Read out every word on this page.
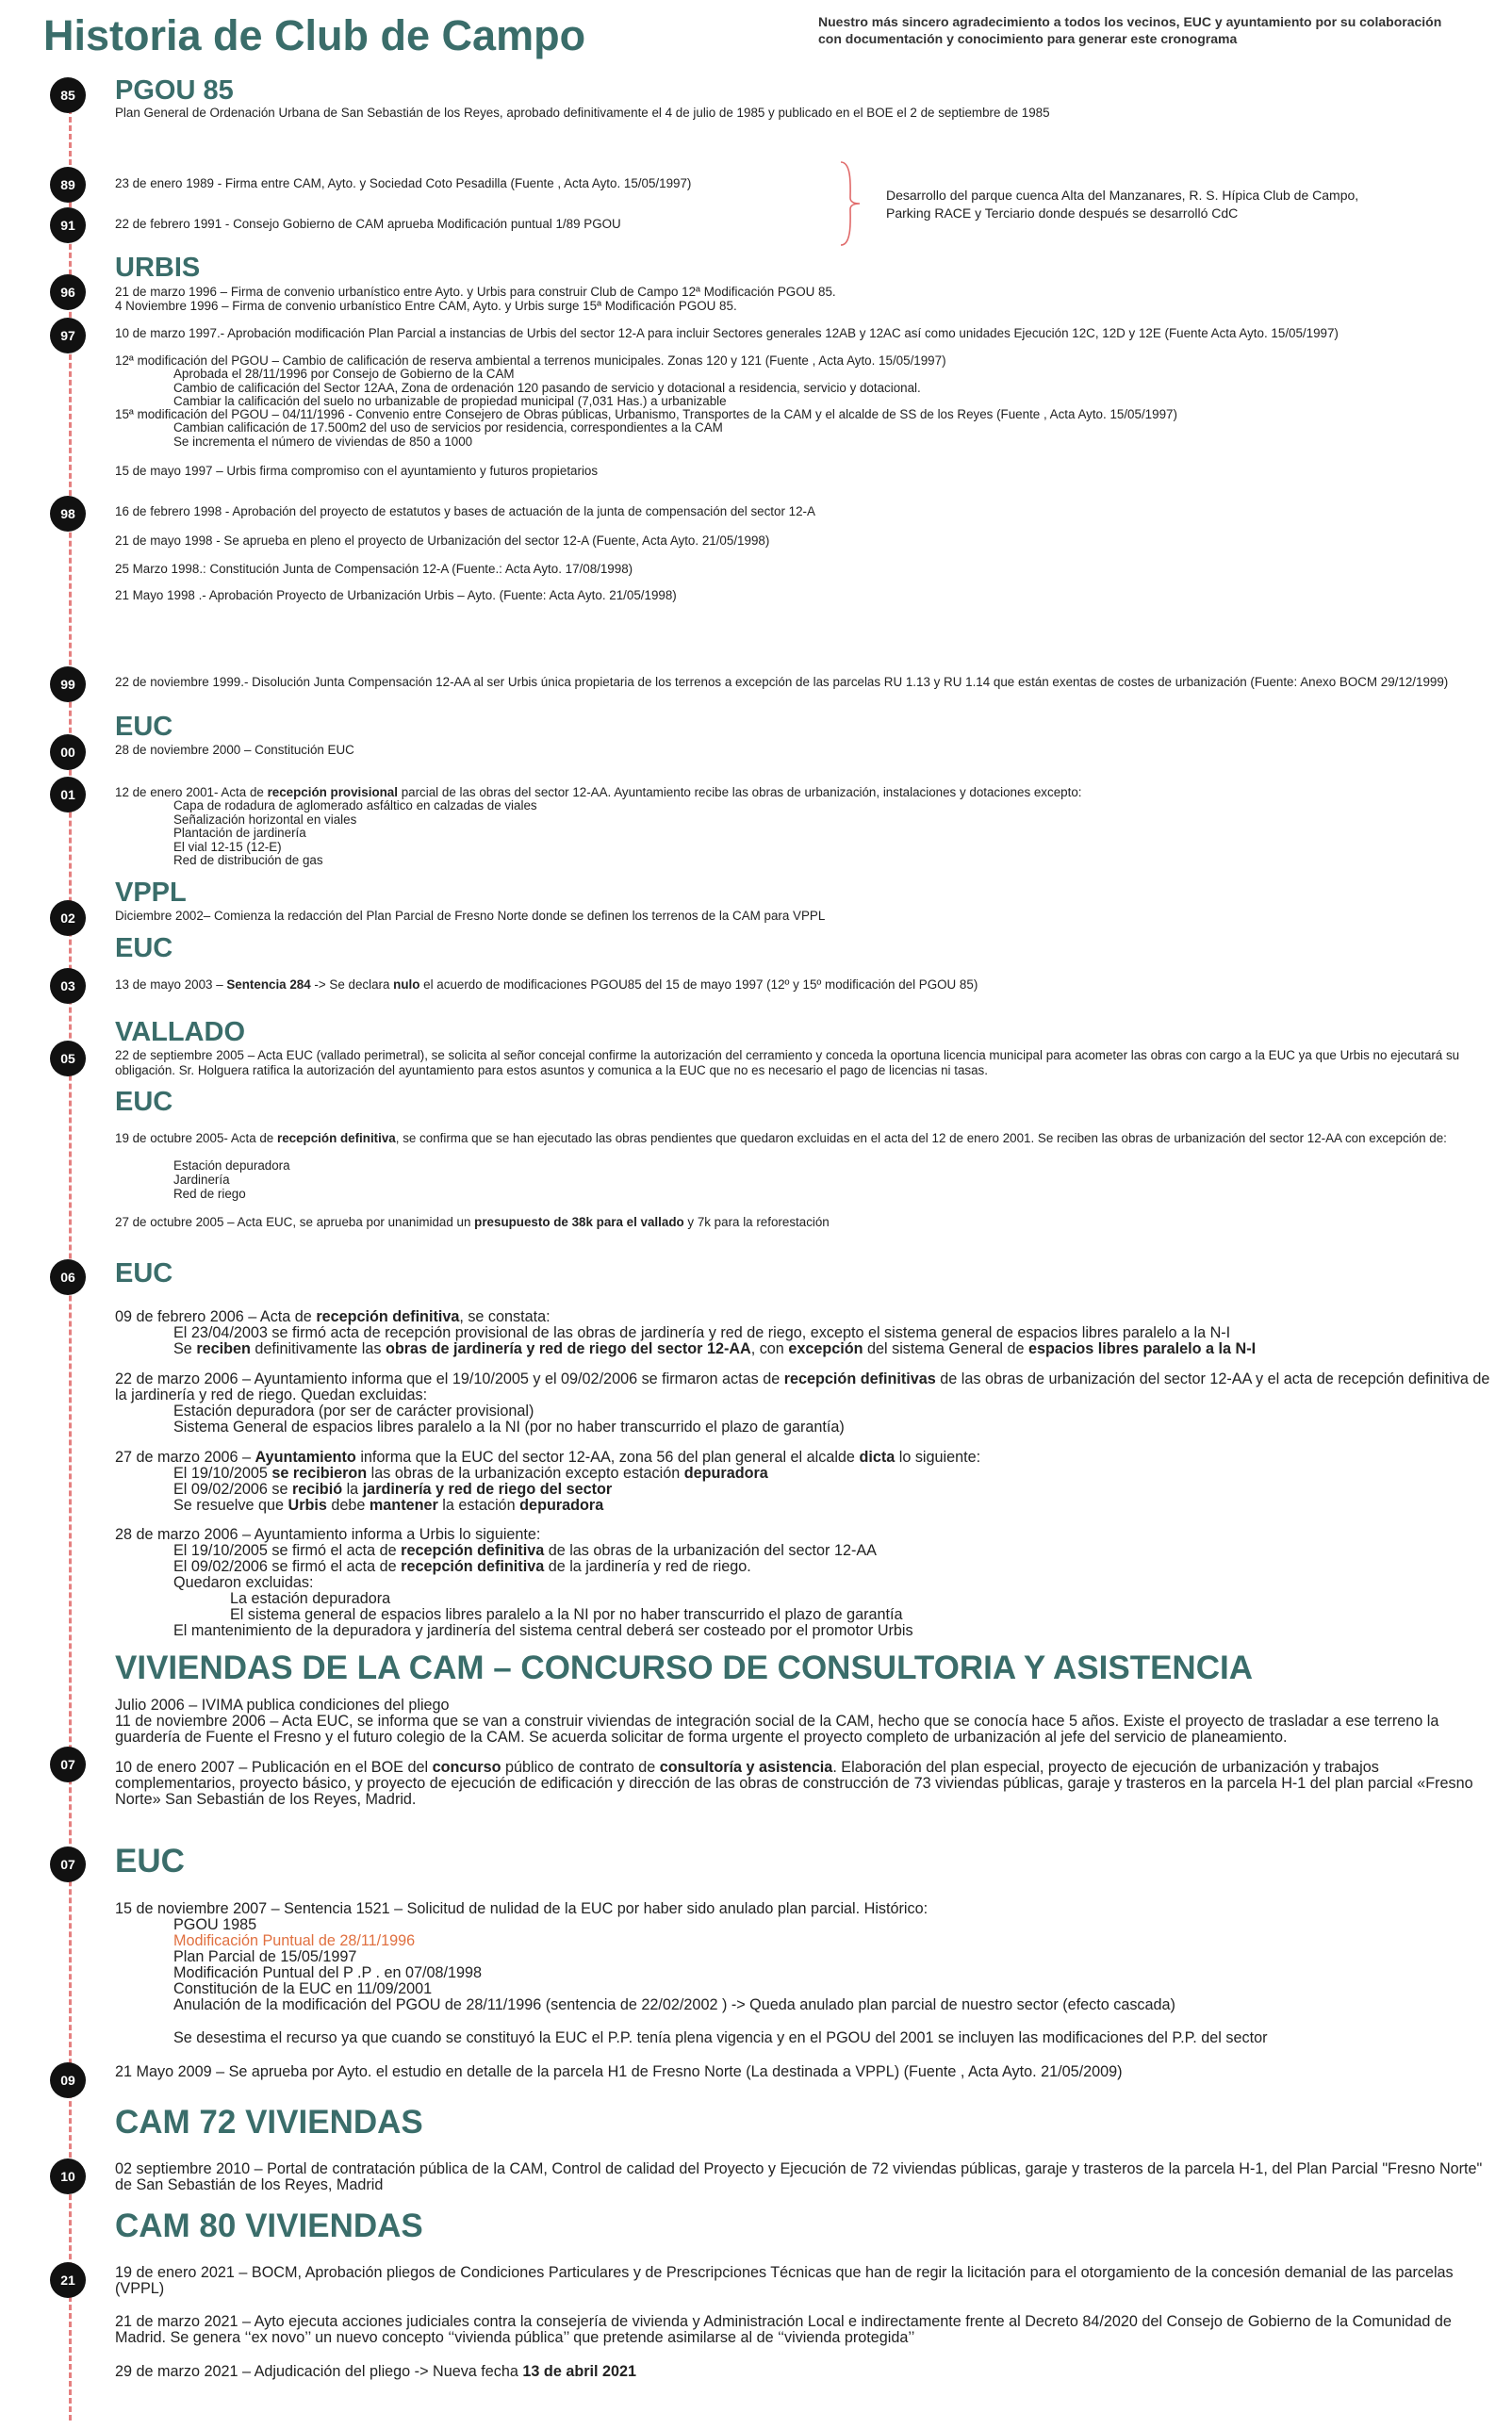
Historia de Club de Campo	Nuestro más sincero agradecimiento a todos los vecinos, EUC y ayuntamiento por su colaboración con documentación y conocimiento para generar este cronograma
85
89
91
96
97
98
99
00
01
02
03
05
06
07
07
09
10
21
PGOU 85
Plan General de Ordenación Urbana de San Sebastián de los Reyes, aprobado definitivamente el 4 de julio de 1985 y publicado en el BOE el 2 de septiembre de 1985
23 de enero 1989 - Firma entre CAM, Ayto. y Sociedad Coto Pesadilla (Fuente , Acta Ayto. 15/05/1997)
22 de febrero 1991 - Consejo Gobierno de CAM aprueba Modificación puntual 1/89 PGOU
Desarrollo del parque cuenca Alta del Manzanares, R. S. Hípica Club de Campo, Parking RACE y Terciario donde después se desarrolló CdC
URBIS
21 de marzo 1996 – Firma de convenio urbanístico entre Ayto. y Urbis para construir Club de Campo 12ª Modificación PGOU 85.
4 Noviembre 1996 – Firma de convenio urbanístico Entre CAM, Ayto. y Urbis surge 15ª Modificación PGOU 85.
10 de marzo 1997.- Aprobación modificación Plan Parcial a instancias de Urbis del sector 12-A para incluir Sectores generales 12AB y 12AC así como unidades Ejecución 12C, 12D y 12E (Fuente Acta Ayto. 15/05/1997)
12ª modificación del PGOU – Cambio de calificación de reserva ambiental a terrenos municipales. Zonas 120 y 121 (Fuente , Acta Ayto. 15/05/1997)
Aprobada el 28/11/1996 por Consejo de Gobierno de la CAM
Cambio de calificación del Sector 12AA, Zona de ordenación 120 pasando de servicio y dotacional a residencia, servicio y dotacional.
Cambiar la calificación del suelo no urbanizable de propiedad municipal (7,031 Has.) a urbanizable
15ª modificación del PGOU – 04/11/1996 - Convenio entre Consejero de Obras públicas, Urbanismo, Transportes de la CAM y el alcalde de SS de los Reyes (Fuente , Acta Ayto. 15/05/1997)
Cambian calificación de 17.500m2 del uso de servicios por residencia, correspondientes a la CAM
Se incrementa el número de viviendas de 850 a 1000
15 de mayo 1997 – Urbis firma compromiso con el ayuntamiento y futuros propietarios
16 de febrero 1998 - Aprobación del proyecto de estatutos y bases de actuación de la junta de compensación del sector 12-A
21 de mayo 1998 - Se aprueba en pleno el proyecto de Urbanización del sector 12-A (Fuente, Acta Ayto. 21/05/1998)
25 Marzo 1998.: Constitución Junta de Compensación 12-A (Fuente.: Acta Ayto. 17/08/1998)
21 Mayo 1998 .- Aprobación Proyecto de Urbanización Urbis – Ayto. (Fuente: Acta Ayto. 21/05/1998)
22 de noviembre 1999.- Disolución Junta Compensación 12-AA al ser Urbis única propietaria de los terrenos a excepción de las parcelas RU 1.13 y RU 1.14 que están exentas de costes de urbanización (Fuente: Anexo BOCM 29/12/1999)
EUC
28 de noviembre 2000 – Constitución EUC
12 de enero 2001- Acta de recepción provisional parcial de las obras del sector 12-AA. Ayuntamiento recibe las obras de urbanización, instalaciones y dotaciones excepto:
Capa de rodadura de aglomerado asfáltico en calzadas de viales
Señalización horizontal en viales
Plantación de jardinería
El vial 12-15 (12-E)
Red de distribución de gas
VPPL
Diciembre 2002– Comienza la redacción del Plan Parcial de Fresno Norte donde se definen los terrenos de la CAM para VPPL
EUC
13 de mayo 2003 – Sentencia 284 -> Se declara nulo el acuerdo de modificaciones PGOU85 del 15 de mayo 1997 (12º y 15º modificación del PGOU 85)
VALLADO
22 de septiembre 2005 – Acta EUC (vallado perimetral), se solicita al señor concejal confirme la autorización del cerramiento y conceda la oportuna licencia municipal para acometer las obras con cargo a la EUC ya que Urbis no ejecutará su obligación. Sr. Holguera ratifica la autorización del ayuntamiento para estos asuntos y comunica a la EUC que no es necesario el pago de licencias ni tasas.
EUC
19 de octubre 2005- Acta de recepción definitiva, se confirma que se han ejecutado las obras pendientes que quedaron excluidas en el acta del 12 de enero 2001. Se reciben las obras de urbanización del sector 12-AA con excepción de:
Estación depuradora
Jardinería
Red de riego
27 de octubre 2005 – Acta EUC, se aprueba por unanimidad un presupuesto de 38k para el vallado y 7k para la reforestación
EUC
09 de febrero 2006 – Acta de recepción definitiva, se constata:
El 23/04/2003 se firmó acta de recepción provisional de las obras de jardinería y red de riego, excepto el sistema general de espacios libres paralelo a la N-I
Se reciben definitivamente las obras de jardinería y red de riego del sector 12-AA, con excepción del sistema General de espacios libres paralelo a la N-I
22 de marzo 2006 – Ayuntamiento informa que el 19/10/2005 y el 09/02/2006 se firmaron actas de recepción definitivas de las obras de urbanización del sector 12-AA y el acta de recepción definitiva de la jardinería y red de riego. Quedan excluidas:
Estación depuradora (por ser de carácter provisional)
Sistema General de espacios libres paralelo a la NI (por no haber transcurrido el plazo de garantía)
27 de marzo 2006 – Ayuntamiento informa que la EUC del sector 12-AA, zona 56 del plan general el alcalde dicta lo siguiente:
El 19/10/2005 se recibieron las obras de la urbanización excepto estación depuradora
El 09/02/2006 se recibió la jardinería y red de riego del sector
Se resuelve que Urbis debe mantener la estación depuradora
28 de marzo 2006 – Ayuntamiento informa a Urbis lo siguiente:
El 19/10/2005 se firmó el acta de recepción definitiva de las obras de la urbanización del sector 12-AA
El 09/02/2006 se firmó el acta de recepción definitiva de la jardinería y red de riego.
Quedaron excluidas:
La estación depuradora
El sistema general de espacios libres paralelo a la NI por no haber transcurrido el plazo de garantía
El mantenimiento de la depuradora y jardinería del sistema central deberá ser costeado por el promotor Urbis
VIVIENDAS DE LA CAM – CONCURSO DE CONSULTORIA Y ASISTENCIA
Julio 2006 – IVIMA publica condiciones del pliego
11 de noviembre 2006 – Acta EUC, se informa que se van a construir viviendas de integración social de la CAM, hecho que se conocía hace 5 años. Existe el proyecto de trasladar a ese terreno la guardería de Fuente el Fresno y el futuro colegio de la CAM. Se acuerda solicitar de forma urgente el proyecto completo de urbanización al jefe del servicio de planeamiento.
10 de enero 2007 – Publicación en el BOE del concurso público de contrato de consultoría y asistencia. Elaboración del plan especial, proyecto de ejecución de urbanización y trabajos complementarios, proyecto básico, y proyecto de ejecución de edificación y dirección de las obras de construcción de 73 viviendas públicas, garaje y trasteros en la parcela H-1 del plan parcial «Fresno Norte» San Sebastián de los Reyes, Madrid.
EUC
15 de noviembre 2007 – Sentencia 1521 – Solicitud de nulidad de la EUC por haber sido anulado plan parcial. Histórico:
PGOU 1985
Modificación Puntual de 28/11/1996
Plan Parcial de 15/05/1997
Modificación Puntual del P .P . en 07/08/1998
Constitución de la EUC en 11/09/2001
Anulación de la modificación del PGOU de 28/11/1996 (sentencia de 22/02/2002 ) -> Queda anulado plan parcial de nuestro sector (efecto cascada)
Se desestima el recurso ya que cuando se constituyó la EUC el P.P. tenía plena vigencia y en el PGOU del 2001 se incluyen las modificaciones del P.P. del sector
21 Mayo 2009 – Se aprueba por Ayto. el estudio en detalle de la parcela H1 de Fresno Norte (La destinada a VPPL) (Fuente , Acta Ayto. 21/05/2009)
CAM 72 VIVIENDAS
02 septiembre 2010 – Portal de contratación pública de la CAM, Control de calidad del Proyecto y Ejecución de 72 viviendas públicas, garaje y trasteros de la parcela H-1, del Plan Parcial "Fresno Norte" de San Sebastián de los Reyes, Madrid
CAM 80 VIVIENDAS
19 de enero 2021 – BOCM, Aprobación pliegos de Condiciones Particulares y de Prescripciones Técnicas que han de regir la licitación para el otorgamiento de la concesión demanial de las parcelas (VPPL)
21 de marzo 2021 – Ayto ejecuta acciones judiciales contra la consejería de vivienda y Administración Local e indirectamente frente al Decreto 84/2020 del Consejo de Gobierno de la Comunidad de Madrid. Se genera ‘‘ex novo’’ un nuevo concepto ‘‘vivienda pública’’ que pretende asimilarse al de ‘‘vivienda protegida’’
29 de marzo 2021 – Adjudicación del pliego -> Nueva fecha 13 de abril 2021
